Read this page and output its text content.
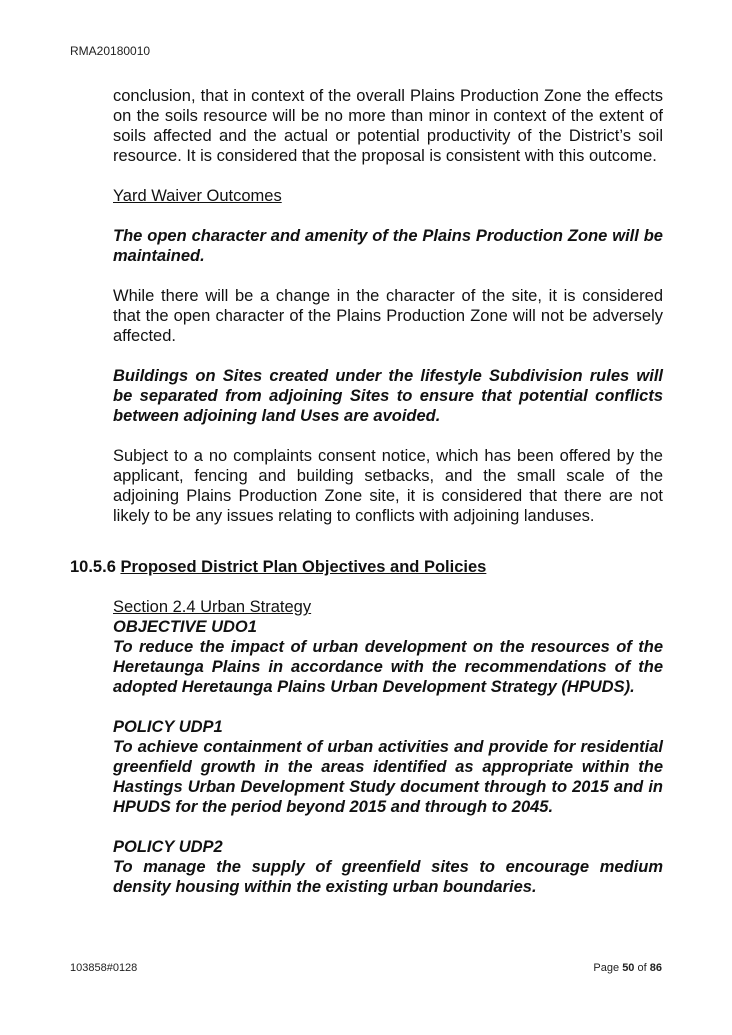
RMA20180010

conclusion, that in context of the overall Plains Production Zone the effects on the soils resource will be no more than minor in context of the extent of soils affected and the actual or potential productivity of the District’s soil resource. It is considered that the proposal is consistent with this outcome.

Yard Waiver Outcomes

The open character and amenity of the Plains Production Zone will be maintained.

While there will be a change in the character of the site, it is considered that the open character of the Plains Production Zone will not be adversely affected.

Buildings on Sites created under the lifestyle Subdivision rules will be separated from adjoining Sites to ensure that potential conflicts between adjoining land Uses are avoided.

Subject to a no complaints consent notice, which has been offered by the applicant, fencing and building setbacks, and the small scale of the adjoining Plains Production Zone site, it is considered that there are not likely to be any issues relating to conflicts with adjoining landuses.

10.5.6 Proposed District Plan Objectives and Policies

Section 2.4 Urban Strategy

OBJECTIVE UDO1

To reduce the impact of urban development on the resources of the Heretaunga Plains in accordance with the recommendations of the adopted Heretaunga Plains Urban Development Strategy (HPUDS).

POLICY UDP1

To achieve containment of urban activities and provide for residential greenfield growth in the areas identified as appropriate within the Hastings Urban Development Study document through to 2015 and in HPUDS for the period beyond 2015 and through to 2045.

POLICY UDP2

To manage the supply of greenfield sites to encourage medium density housing within the existing urban boundaries.

103858#0128	Page 50 of 86
